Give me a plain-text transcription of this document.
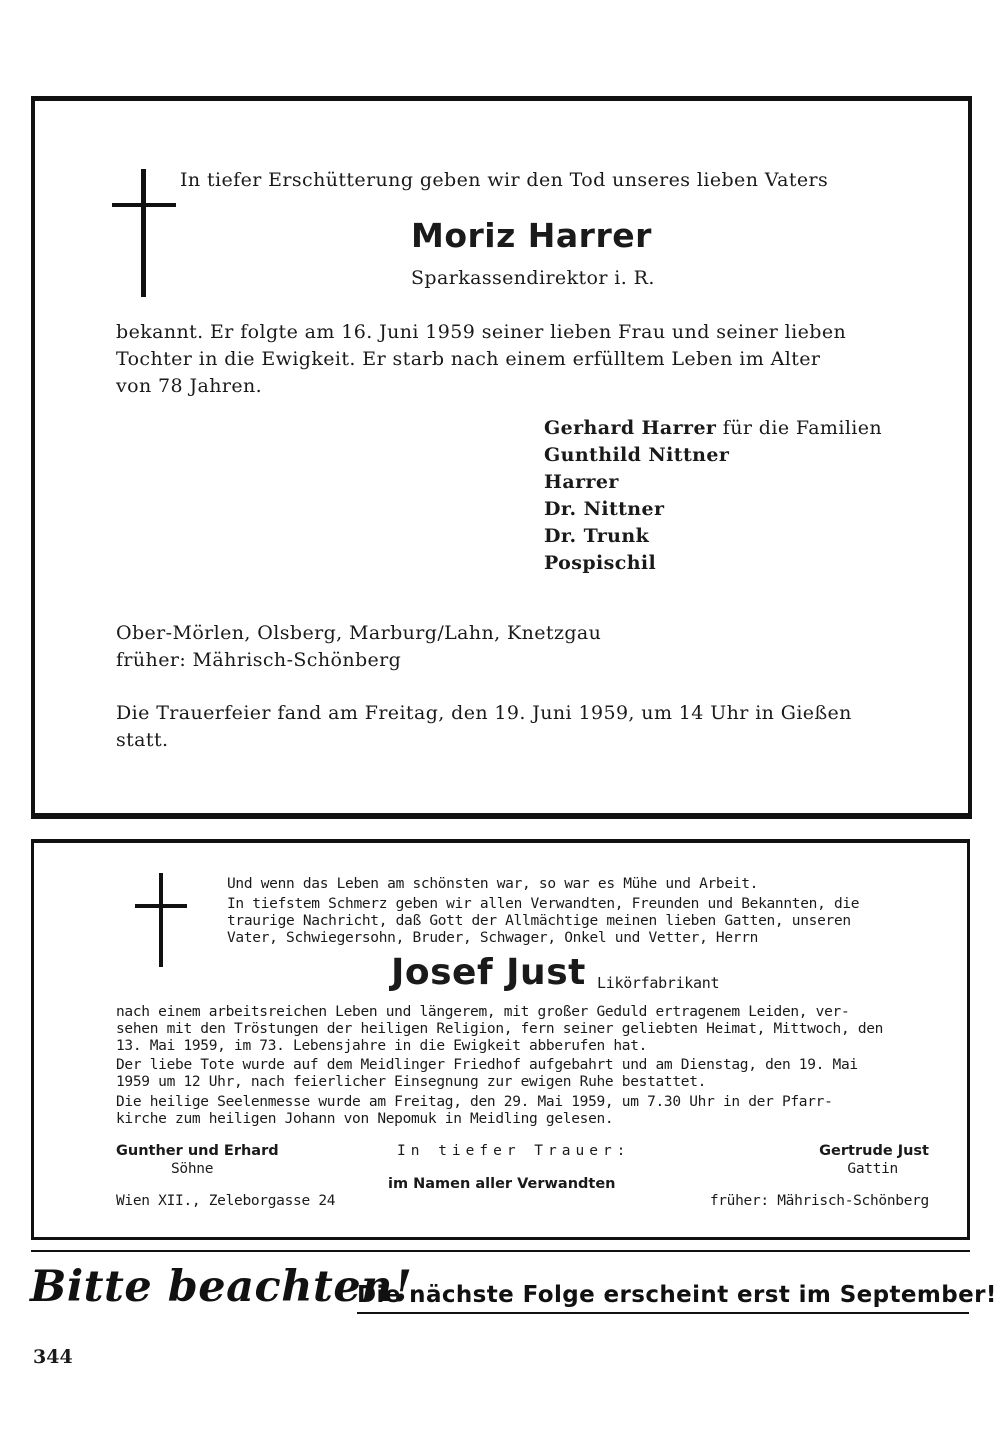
In tiefer Erschütterung geben wir den Tod unseres lieben Vaters
Moriz Harrer
Sparkassendirektor i. R.
bekannt. Er folgte am 16. Juni 1959 seiner lieben Frau und seiner lieben
Tochter in die Ewigkeit. Er starb nach einem erfülltem Leben im Alter
von 78 Jahren.
Gerhard Harrer für die Familien
Gunthild Nittner
Harrer
Dr. Nittner
Dr. Trunk
Pospischil
Ober-Mörlen, Olsberg, Marburg/Lahn, Knetzgau
früher: Mährisch-Schönberg
Die Trauerfeier fand am Freitag, den 19. Juni 1959, um 14 Uhr in Gießen
statt.
Und wenn das Leben am schönsten war, so war es Mühe und Arbeit.
In tiefstem Schmerz geben wir allen Verwandten, Freunden und Bekannten, die
traurige Nachricht, daß Gott der Allmächtige meinen lieben Gatten, unseren
Vater, Schwiegersohn, Bruder, Schwager, Onkel und Vetter, Herrn
Josef Just Likörfabrikant
nach einem arbeitsreichen Leben und längerem, mit großer Geduld ertragenem Leiden, ver-
sehen mit den Tröstungen der heiligen Religion, fern seiner geliebten Heimat, Mittwoch, den
13. Mai 1959, im 73. Lebensjahre in die Ewigkeit abberufen hat.
Der liebe Tote wurde auf dem Meidlinger Friedhof aufgebahrt und am Dienstag, den 19. Mai
1959 um 12 Uhr, nach feierlicher Einsegnung zur ewigen Ruhe bestattet.
Die heilige Seelenmesse wurde am Freitag, den 29. Mai 1959, um 7.30 Uhr in der Pfarr-
kirche zum heiligen Johann von Nepomuk in Meidling gelesen.
Gunther und Erhard
Söhne
In tiefer Trauer:
im Namen aller Verwandten
Gertrude Just
Gattin
Wien XII., Zeleborgasse 24	früher: Mährisch-Schönberg
Bitte beachten!
Die nächste Folge erscheint erst im September!
344
